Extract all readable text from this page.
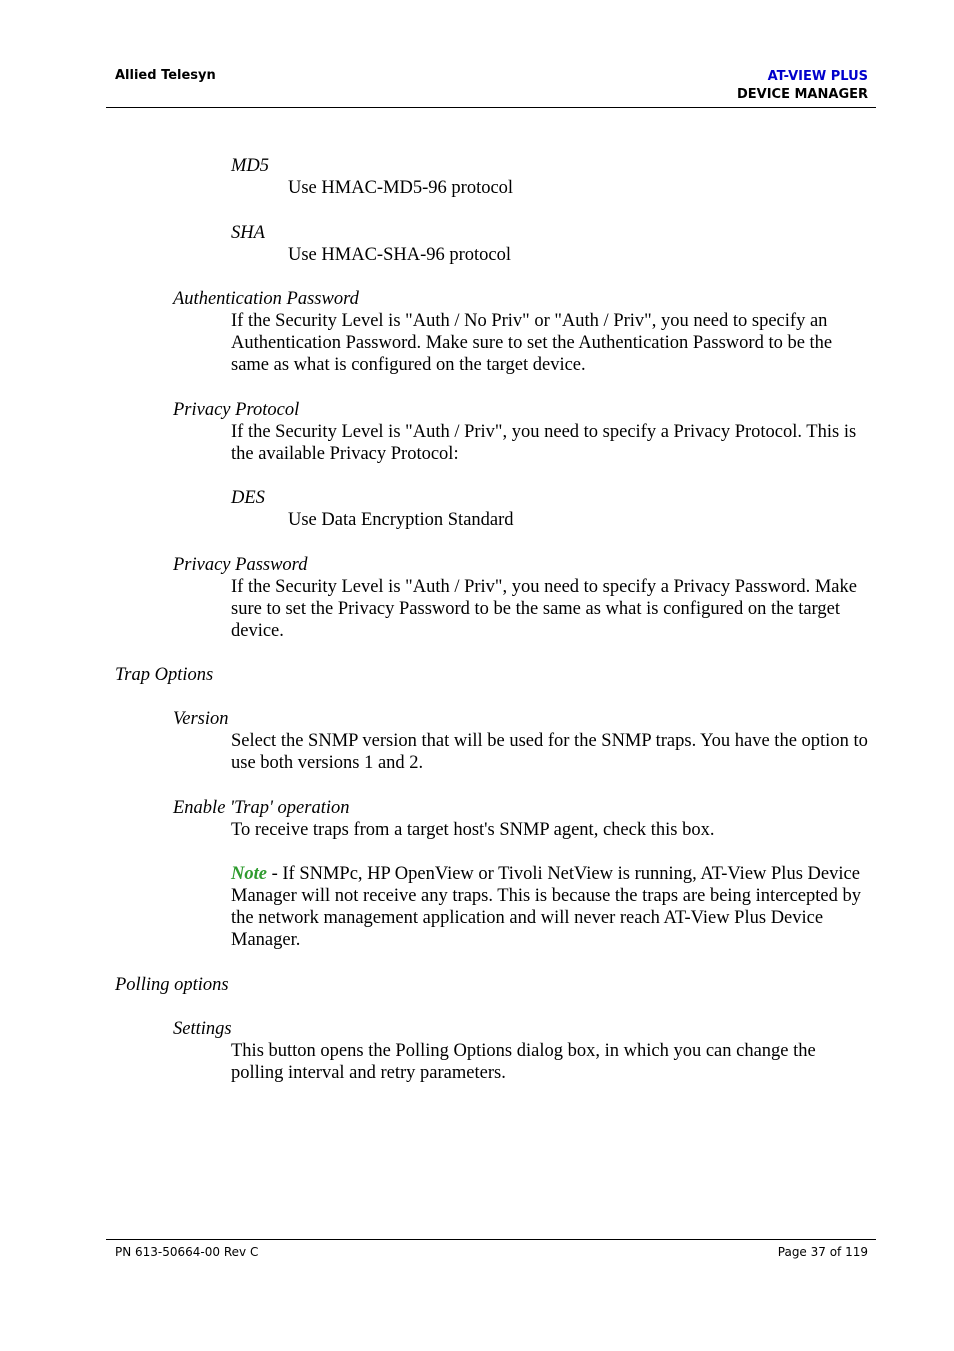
Allied Telesyn	AT-VIEW PLUS
DEVICE MANAGER

MD5

Use HMAC-MD5-96 protocol

SHA

Use HMAC-SHA-96 protocol

Authentication Password

If the Security Level is "Auth / No Priv" or "Auth / Priv", you need to specify an Authentication Password. Make sure to set the Authentication Password to be the same as what is configured on the target device.

Privacy Protocol

If the Security Level is "Auth / Priv", you need to specify a Privacy Protocol. This is the available Privacy Protocol:

DES

Use Data Encryption Standard

Privacy Password

If the Security Level is "Auth / Priv", you need to specify a Privacy Password. Make sure to set the Privacy Password to be the same as what is configured on the target device.

Trap Options

Version

Select the SNMP version that will be used for the SNMP traps. You have the option to use both versions 1 and 2.

Enable 'Trap' operation

To receive traps from a target host's SNMP agent, check this box.

Note - If SNMPc, HP OpenView or Tivoli NetView is running, AT-View Plus Device Manager will not receive any traps. This is because the traps are being intercepted by the network management application and will never reach AT-View Plus Device Manager.

Polling options

Settings

This button opens the Polling Options dialog box, in which you can change the polling interval and retry parameters.

PN 613-50664-00 Rev C	Page 37 of 119
